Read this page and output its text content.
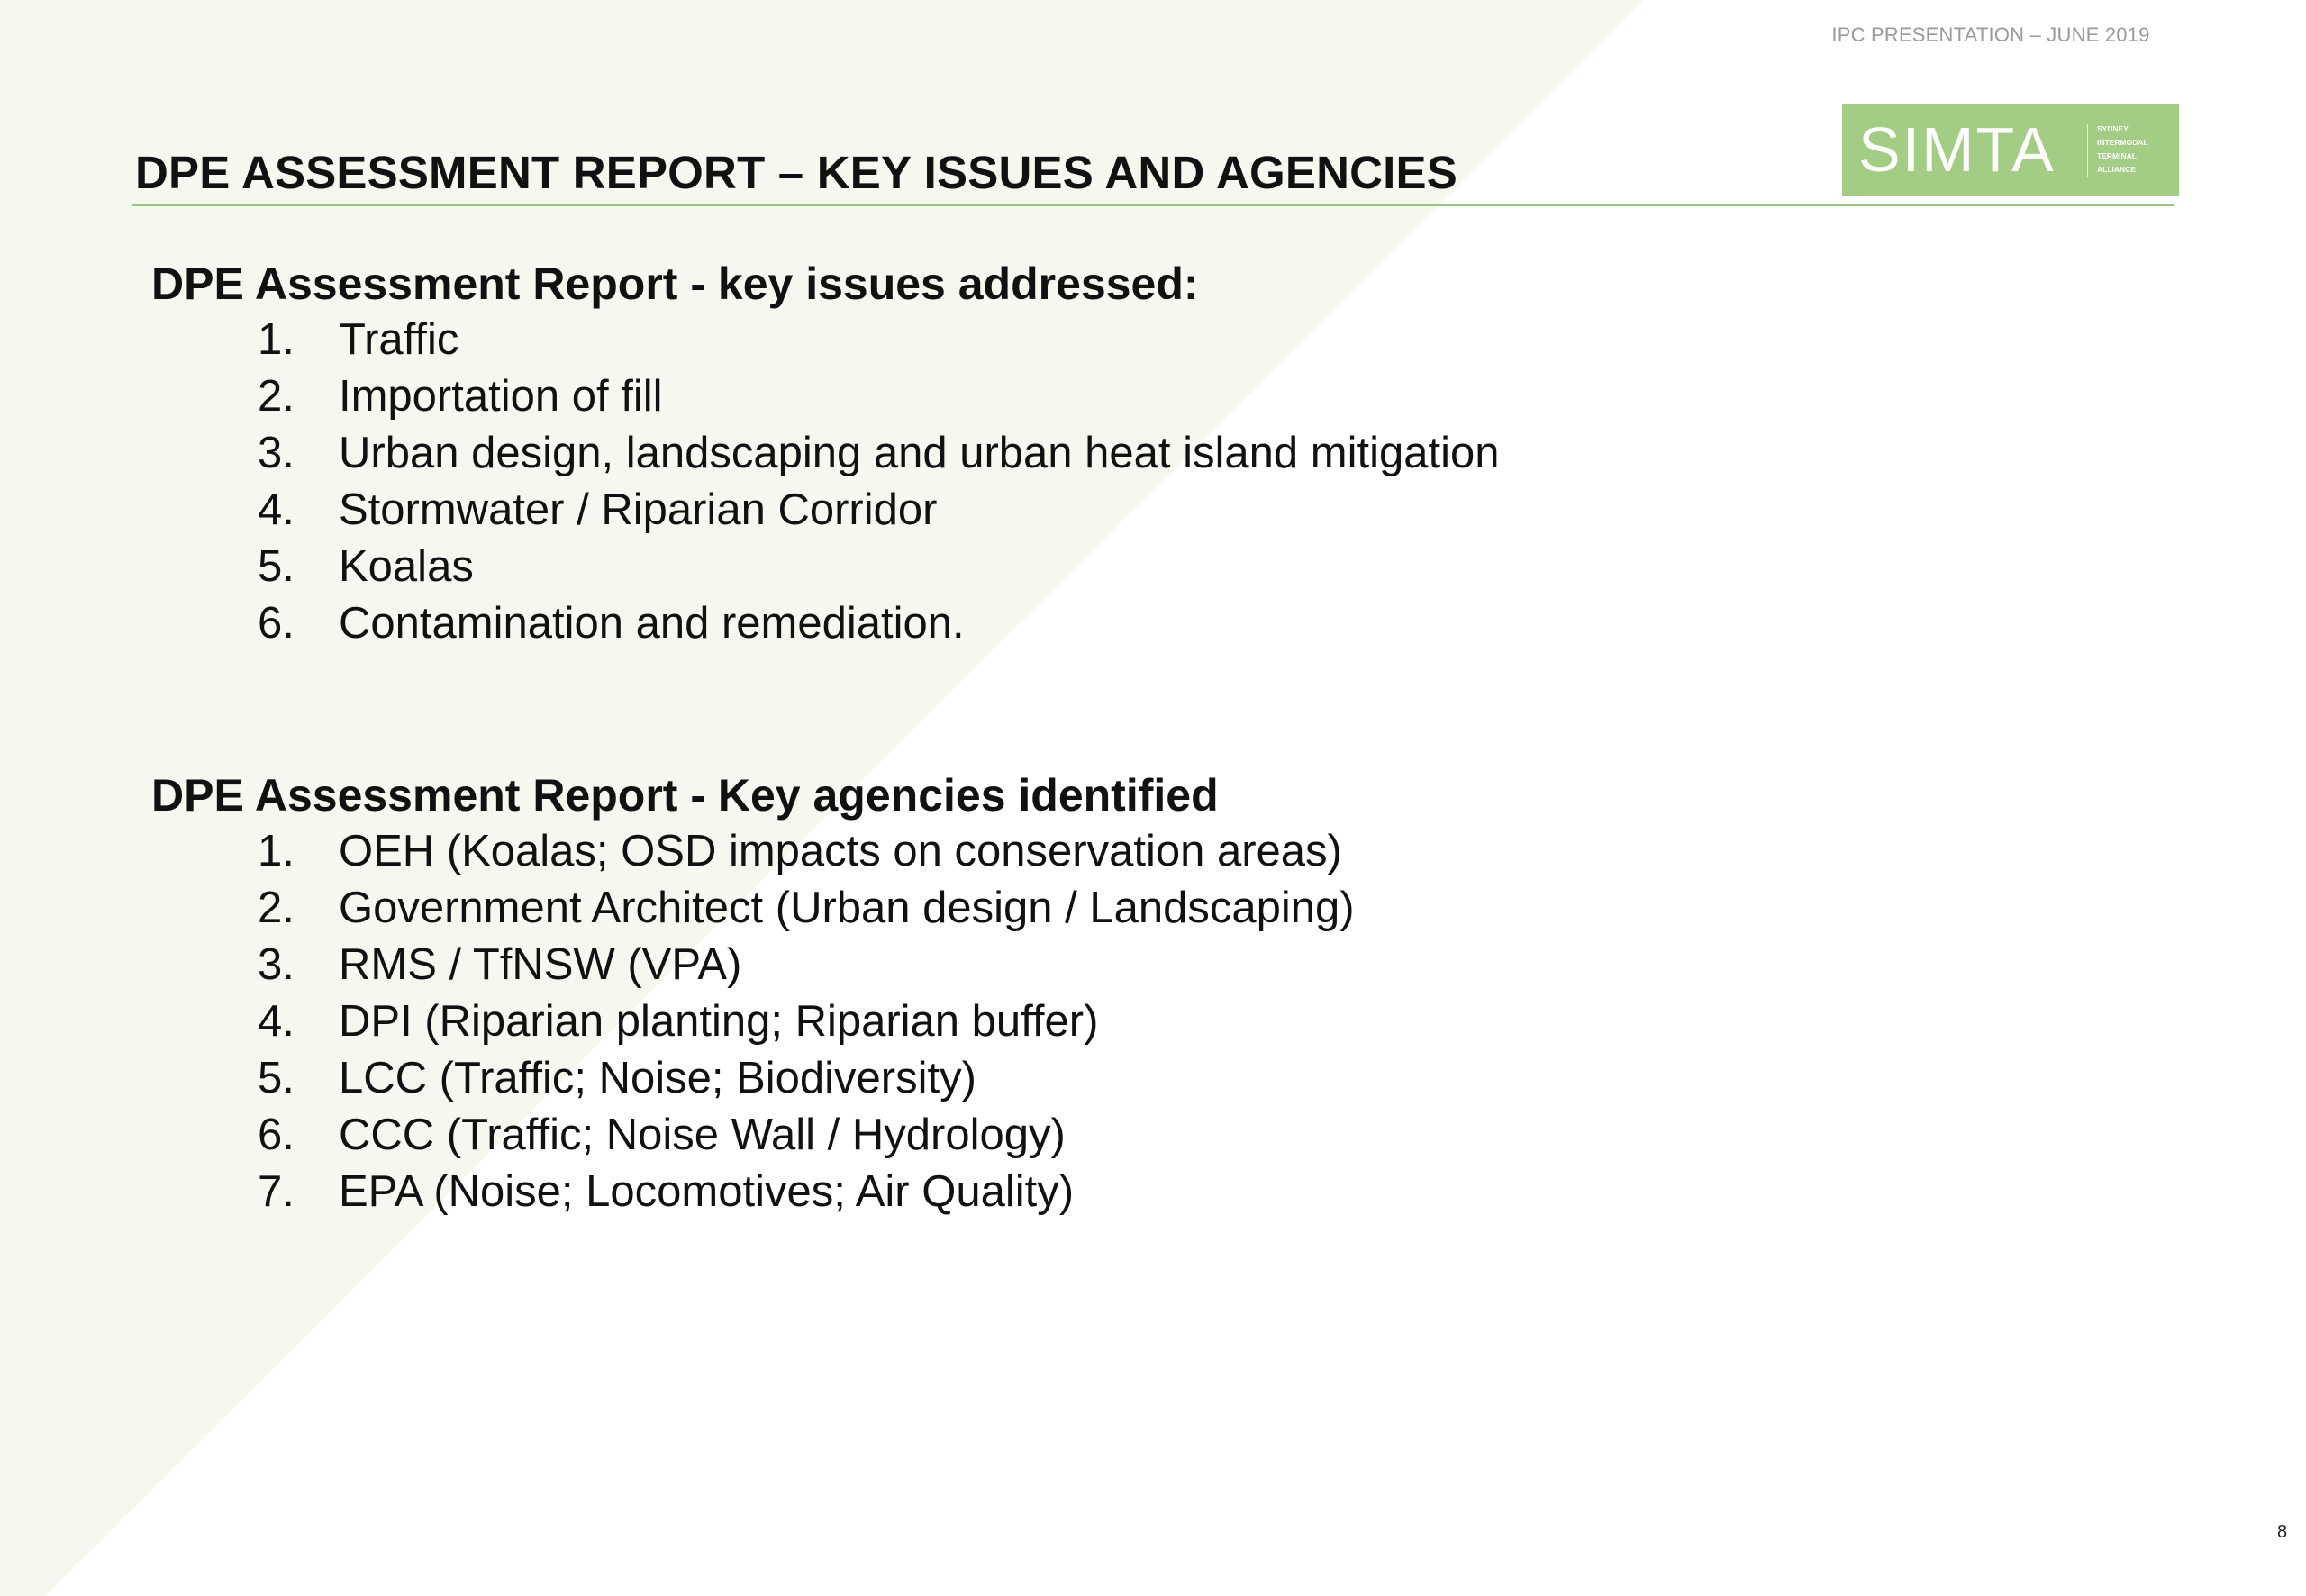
IPC PRESENTATION – JUNE 2019
SIMTA	SYDNEY
INTERMODAL
TERMINAL
ALLIANCE
DPE ASSESSMENT REPORT – KEY ISSUES AND AGENCIES
DPE Assessment Report - key issues addressed:
1.	Traffic
2.	Importation of fill
3.	Urban design, landscaping and urban heat island mitigation
4.	Stormwater / Riparian Corridor
5.	Koalas
6.	Contamination and remediation.
DPE Assessment Report - Key agencies identified
1.	OEH (Koalas; OSD impacts on conservation areas)
2.	Government Architect (Urban design / Landscaping)
3.	RMS / TfNSW (VPA)
4.	DPI (Riparian planting; Riparian buffer)
5.	LCC (Traffic; Noise; Biodiversity)
6.	CCC (Traffic; Noise Wall / Hydrology)
7.	EPA (Noise; Locomotives; Air Quality)
8
